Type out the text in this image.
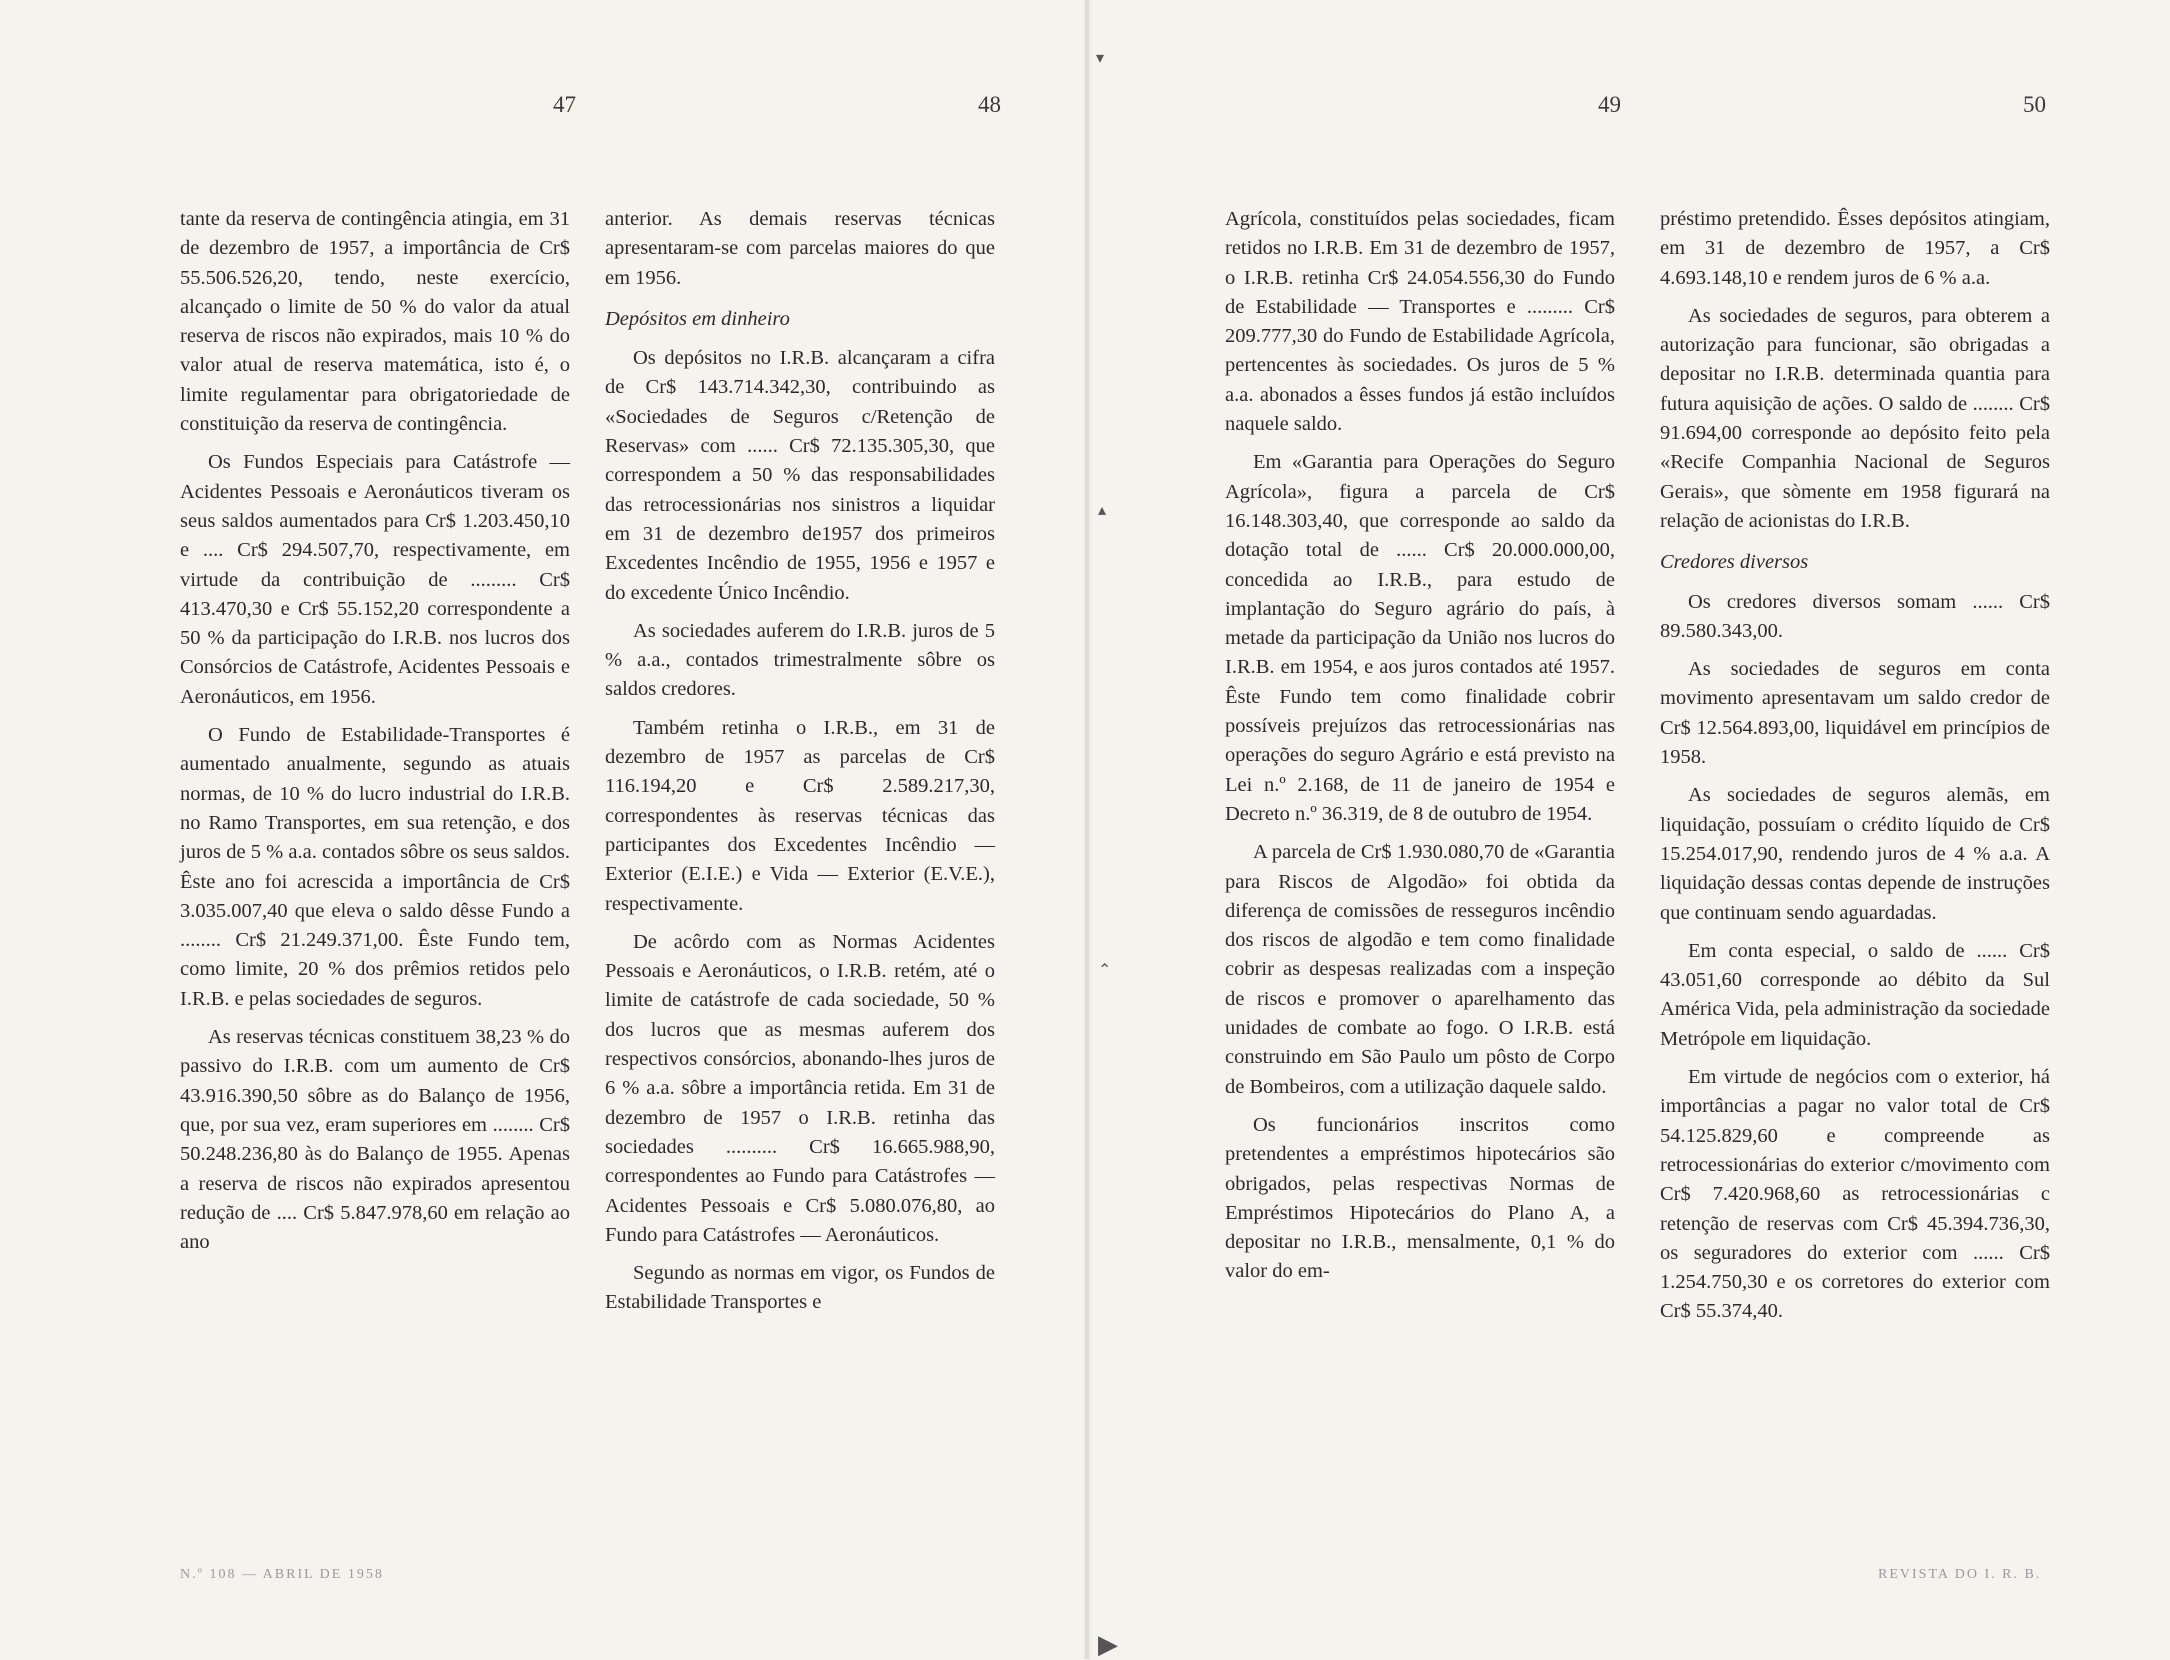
47	48	49	50

tante da reserva de contingência atingia, em 31 de dezembro de 1957, a importância de Cr$ 55.506.526,20, tendo, neste exercício, alcançado o limite de 50 % do valor da atual reserva de riscos não expirados, mais 10 % do valor atual de reserva matemática, isto é, o limite regulamentar para obrigatoriedade de constituição da reserva de contingência.

Os Fundos Especiais para Catástrofe — Acidentes Pessoais e Aeronáuticos tiveram os seus saldos aumentados para Cr$ 1.203.450,10 e .... Cr$ 294.507,70, respectivamente, em virtude da contribuição de ......... Cr$ 413.470,30 e Cr$ 55.152,20 correspondente a 50 % da participação do I.R.B. nos lucros dos Consórcios de Catástrofe, Acidentes Pessoais e Aeronáuticos, em 1956.

O Fundo de Estabilidade-Transportes é aumentado anualmente, segundo as atuais normas, de 10 % do lucro industrial do I.R.B. no Ramo Transportes, em sua retenção, e dos juros de 5 % a.a. contados sôbre os seus saldos. Êste ano foi acrescida a importância de Cr$ 3.035.007,40 que eleva o saldo dêsse Fundo a ........ Cr$ 21.249.371,00. Êste Fundo tem, como limite, 20 % dos prêmios retidos pelo I.R.B. e pelas sociedades de seguros.

As reservas técnicas constituem 38,23 % do passivo do I.R.B. com um aumento de Cr$ 43.916.390,50 sôbre as do Balanço de 1956, que, por sua vez, eram superiores em ........ Cr$ 50.248.236,80 às do Balanço de 1955. Apenas a reserva de riscos não expirados apresentou redução de .... Cr$ 5.847.978,60 em relação ao ano

anterior. As demais reservas técnicas apresentaram-se com parcelas maiores do que em 1956.

Depósitos em dinheiro

Os depósitos no I.R.B. alcançaram a cifra de Cr$ 143.714.342,30, contribuindo as «Sociedades de Seguros c/Retenção de Reservas» com ...... Cr$ 72.135.305,30, que correspondem a 50 % das responsabilidades das retrocessionárias nos sinistros a liquidar em 31 de dezembro de1957 dos primeiros Excedentes Incêndio de 1955, 1956 e 1957 e do excedente Único Incêndio.

As sociedades auferem do I.R.B. juros de 5 % a.a., contados trimestralmente sôbre os saldos credores.

Também retinha o I.R.B., em 31 de dezembro de 1957 as parcelas de Cr$ 116.194,20 e Cr$ 2.589.217,30, correspondentes às reservas técnicas das participantes dos Excedentes Incêndio — Exterior (E.I.E.) e Vida — Exterior (E.V.E.), respectivamente.

De acôrdo com as Normas Acidentes Pessoais e Aeronáuticos, o I.R.B. retém, até o limite de catástrofe de cada sociedade, 50 % dos lucros que as mesmas auferem dos respectivos consórcios, abonando-lhes juros de 6 % a.a. sôbre a importância retida. Em 31 de dezembro de 1957 o I.R.B. retinha das sociedades .......... Cr$ 16.665.988,90, correspondentes ao Fundo para Catástrofes — Acidentes Pessoais e Cr$ 5.080.076,80, ao Fundo para Catástrofes — Aeronáuticos.

Segundo as normas em vigor, os Fundos de Estabilidade Transportes e

Agrícola, constituídos pelas sociedades, ficam retidos no I.R.B. Em 31 de dezembro de 1957, o I.R.B. retinha Cr$ 24.054.556,30 do Fundo de Estabilidade — Transportes e ......... Cr$ 209.777,30 do Fundo de Estabilidade Agrícola, pertencentes às sociedades. Os juros de 5 % a.a. abonados a êsses fundos já estão incluídos naquele saldo.

Em «Garantia para Operações do Seguro Agrícola», figura a parcela de Cr$ 16.148.303,40, que corresponde ao saldo da dotação total de ...... Cr$ 20.000.000,00, concedida ao I.R.B., para estudo de implantação do Seguro agrário do país, à metade da participação da União nos lucros do I.R.B. em 1954, e aos juros contados até 1957. Êste Fundo tem como finalidade cobrir possíveis prejuízos das retrocessionárias nas operações do seguro Agrário e está previsto na Lei n.º 2.168, de 11 de janeiro de 1954 e Decreto n.º 36.319, de 8 de outubro de 1954.

A parcela de Cr$ 1.930.080,70 de «Garantia para Riscos de Algodão» foi obtida da diferença de comissões de resseguros incêndio dos riscos de algodão e tem como finalidade cobrir as despesas realizadas com a inspeção de riscos e promover o aparelhamento das unidades de combate ao fogo. O I.R.B. está construindo em São Paulo um pôsto de Corpo de Bombeiros, com a utilização daquele saldo.

Os funcionários inscritos como pretendentes a empréstimos hipotecários são obrigados, pelas respectivas Normas de Empréstimos Hipotecários do Plano A, a depositar no I.R.B., mensalmente, 0,1 % do valor do em-

préstimo pretendido. Êsses depósitos atingiam, em 31 de dezembro de 1957, a Cr$ 4.693.148,10 e rendem juros de 6 % a.a.

As sociedades de seguros, para obterem a autorização para funcionar, são obrigadas a depositar no I.R.B. determinada quantia para futura aquisição de ações. O saldo de ........ Cr$ 91.694,00 corresponde ao depósito feito pela «Recife Companhia Nacional de Seguros Gerais», que sòmente em 1958 figurará na relação de acionistas do I.R.B.

Credores diversos

Os credores diversos somam ...... Cr$ 89.580.343,00.

As sociedades de seguros em conta movimento apresentavam um saldo credor de Cr$ 12.564.893,00, liquidável em princípios de 1958.

As sociedades de seguros alemãs, em liquidação, possuíam o crédito líquido de Cr$ 15.254.017,90, rendendo juros de 4 % a.a. A liquidação dessas contas depende de instruções que continuam sendo aguardadas.

Em conta especial, o saldo de ...... Cr$ 43.051,60 corresponde ao débito da Sul América Vida, pela administração da sociedade Metrópole em liquidação.

Em virtude de negócios com o exterior, há importâncias a pagar no valor total de Cr$ 54.125.829,60 e compreende as retrocessionárias do exterior c/movimento com Cr$ 7.420.968,60 as retrocessionárias c retenção de reservas com Cr$ 45.394.736,30, os seguradores do exterior com ...... Cr$ 1.254.750,30 e os corretores do exterior com Cr$ 55.374,40.

N.º 108 — ABRIL DE 1958	REVISTA DO I. R. B.
▾
▴
⌃
▶
